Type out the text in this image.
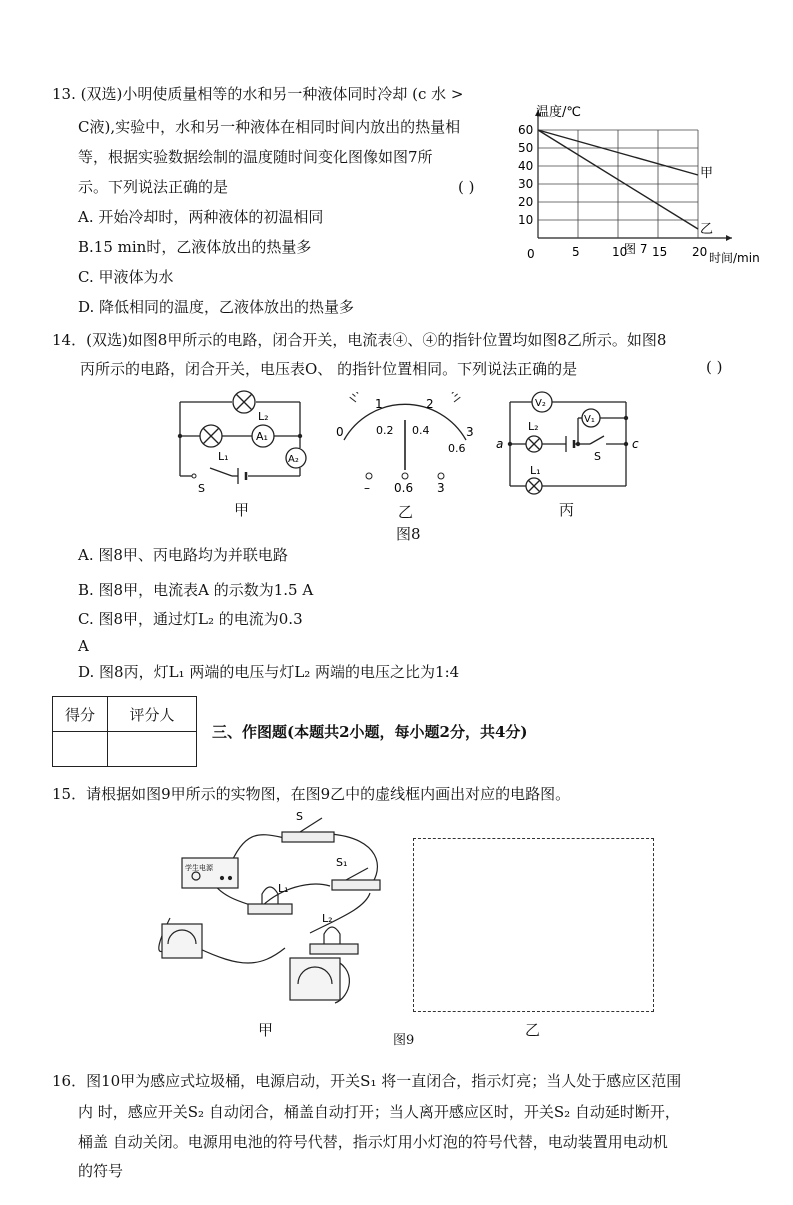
13. (双选)小明使质量相等的水和另一种液体同时冷却 (c 水 >
C液),实验中，水和另一种液体在相同时间内放出的热量相
等，根据实验数据绘制的温度随时间变化图像如图7所
示。下列说法正确的是	( )
A. 开始冷却时，两种液体的初温相同
B.15 min时，乙液体放出的热量多
C. 甲液体为水
D. 降低相同的温度，乙液体放出的热量多
甲
乙
5	10 15 20
10
20
30
40
50
60
温度/℃
时间/min
图 7
0
14．(双选)如图8甲所示的电路，闭合开关，电流表④、④的指针位置均如图8乙所示。如图8
丙所示的电路，闭合开关，电压表O、 的指针位置相同。下列说法正确的是	( )
L₂
A₁
A₂
L₁
S
甲
0
1	2
3
0.2 0.4
0.6
– 0.6 3
乙
图8
V₂
V₁
L₂
L₁
S
a	c
丙
A. 图8甲、丙电路均为并联电路
B. 图8甲，电流表A 的示数为1.5 A
C. 图8甲，通过灯L₂ 的电流为0.3
A
D. 图8丙，灯L₁ 两端的电压与灯L₂ 两端的电压之比为1:4
得分	评分人

三、作图题(本题共2小题，每小题2分，共4分)
15．请根据如图9甲所示的实物图，在图9乙中的虚线框内画出对应的电路图。
学生电源
S
S₁
L₁
L₂
甲
图9
乙
16．图10甲为感应式垃圾桶，电源启动，开关S₁ 将一直闭合，指示灯亮；当人处于感应区范围
内 时，感应开关S₂ 自动闭合，桶盖自动打开；当人离开感应区时，开关S₂ 自动延时断开，
桶盖 自动关闭。电源用电池的符号代替，指示灯用小灯泡的符号代替，电动装置用电动机
的符号
